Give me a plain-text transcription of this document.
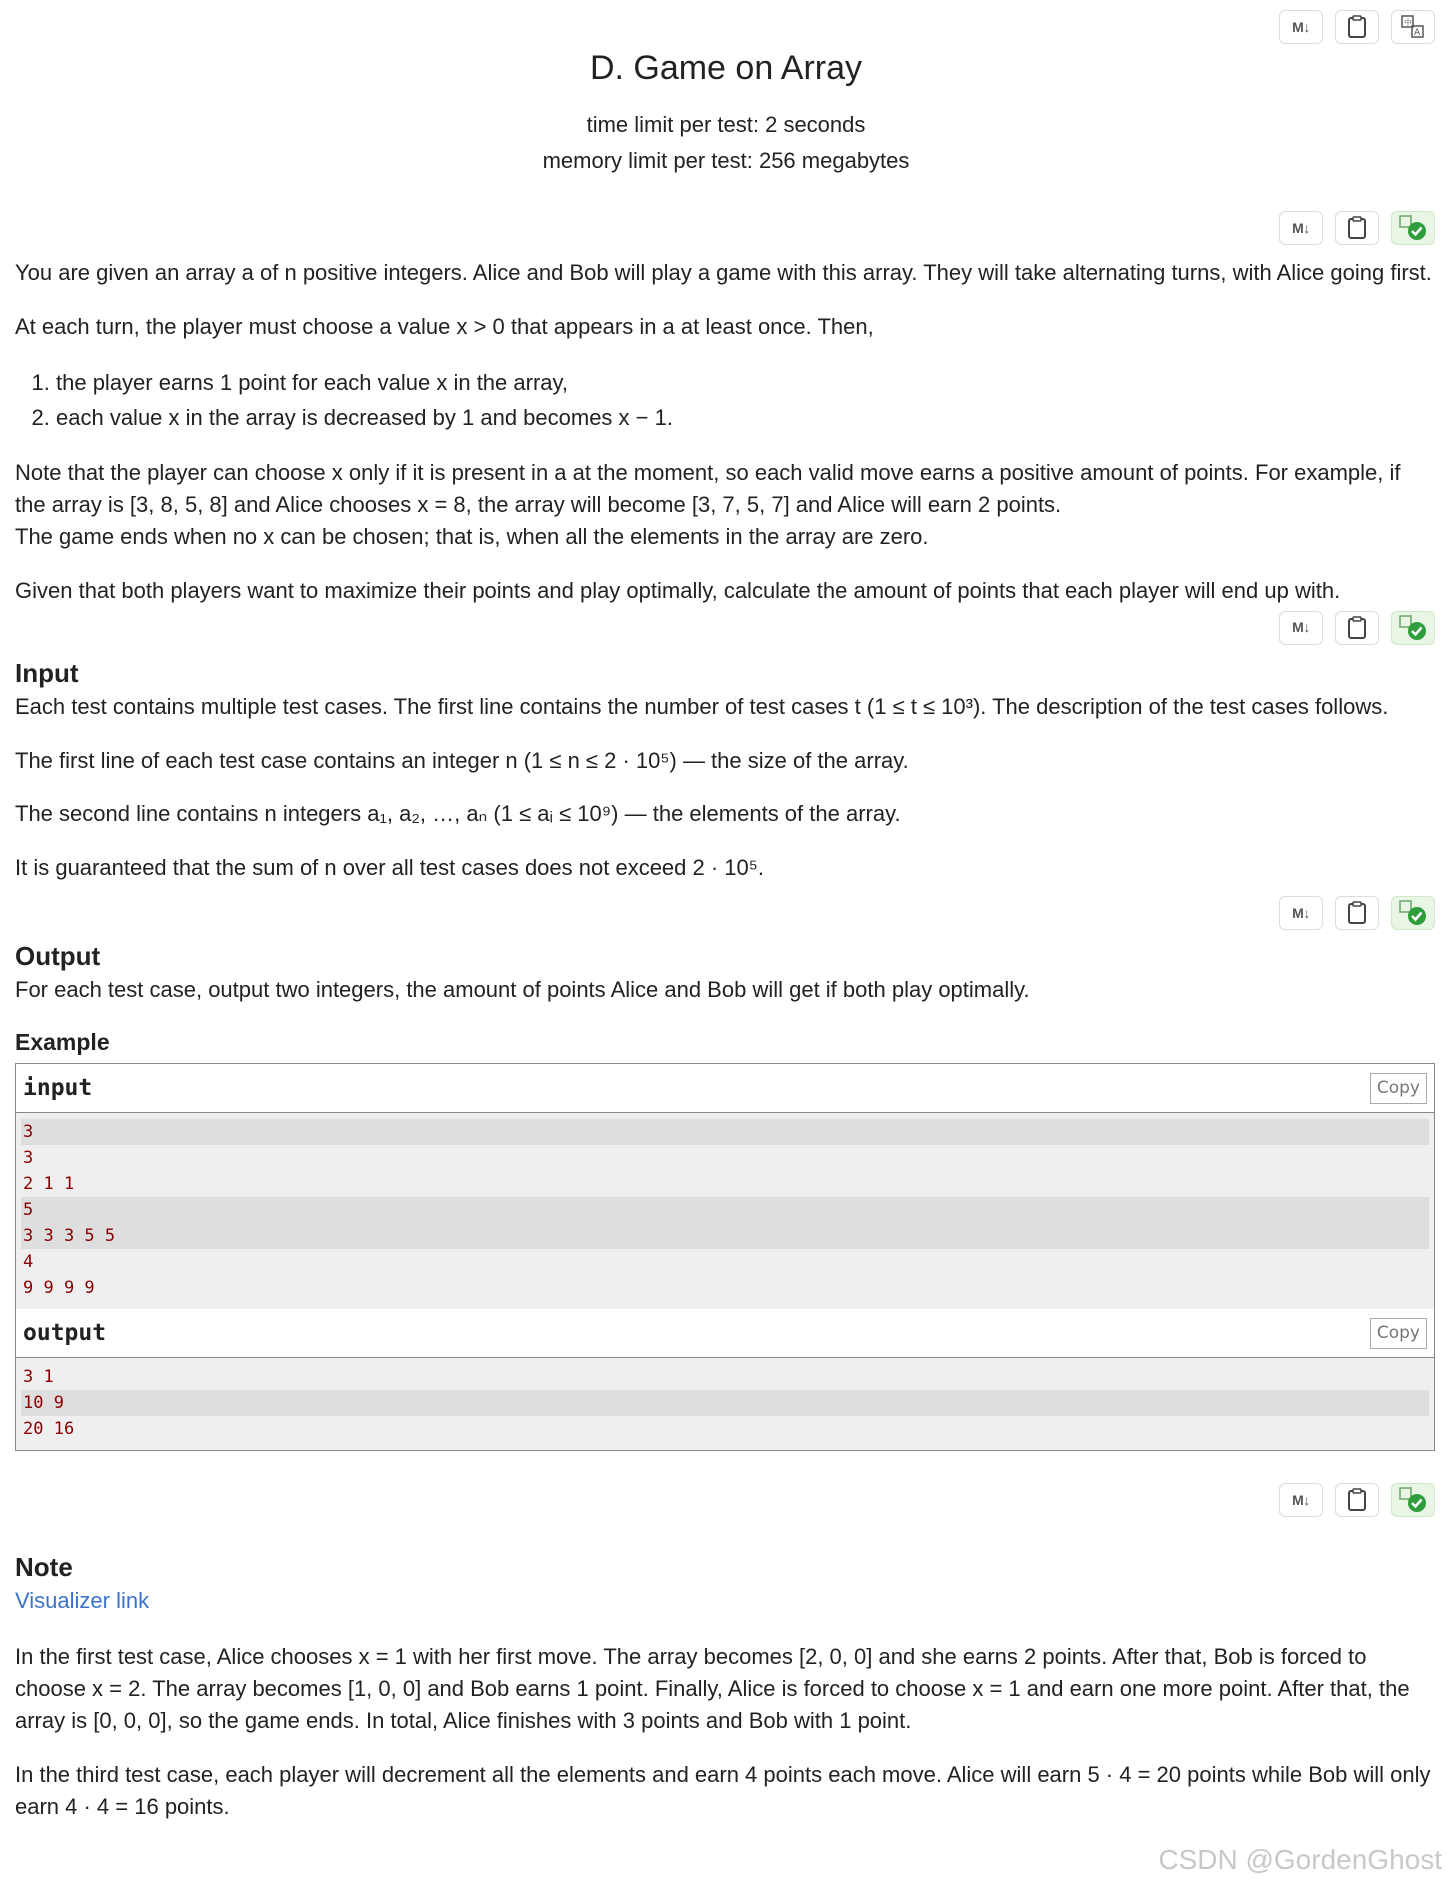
M↓	中
A
D. Game on Array
time limit per test: 2 seconds
memory limit per test: 256 megabytes
M↓

You are given an array a of n positive integers. Alice and Bob will play a game with this array. They will take alternating turns, with Alice going first.

At each turn, the player must choose a value x > 0 that appears in a at least once. Then,

1. the player earns 1 point for each value x in the array,
2. each value x in the array is decreased by 1 and becomes x − 1.

Note that the player can choose x only if it is present in a at the moment, so each valid move earns a positive amount of points. For example, if the array is [3, 8, 5, 8] and Alice chooses x = 8, the array will become [3, 7, 5, 7] and Alice will earn 2 points.

The game ends when no x can be chosen; that is, when all the elements in the array are zero.

Given that both players want to maximize their points and play optimally, calculate the amount of points that each player will end up with.

M↓
Input

Each test contains multiple test cases. The first line contains the number of test cases t (1 ≤ t ≤ 10³). The description of the test cases follows.

The first line of each test case contains an integer n (1 ≤ n ≤ 2 · 10⁵) — the size of the array.

The second line contains n integers a₁, a₂, …, aₙ (1 ≤ aᵢ ≤ 10⁹) — the elements of the array.

It is guaranteed that the sum of n over all test cases does not exceed 2 · 10⁵.

M↓
Output

For each test case, output two integers, the amount of points Alice and Bob will get if both play optimally.

Example
input	Copy
3
3
2 1 1
5
3 3 3 5 5
4
9 9 9 9
output	Copy
3 1
10 9
20 16
M↓
Note

Visualizer link

In the first test case, Alice chooses x = 1 with her first move. The array becomes [2, 0, 0] and she earns 2 points. After that, Bob is forced to choose x = 2. The array becomes [1, 0, 0] and Bob earns 1 point. Finally, Alice is forced to choose x = 1 and earn one more point. After that, the array is [0, 0, 0], so the game ends. In total, Alice finishes with 3 points and Bob with 1 point.

In the third test case, each player will decrement all the elements and earn 4 points each move. Alice will earn 5 · 4 = 20 points while Bob will only earn 4 · 4 = 16 points.

CSDN @GordenGhost
